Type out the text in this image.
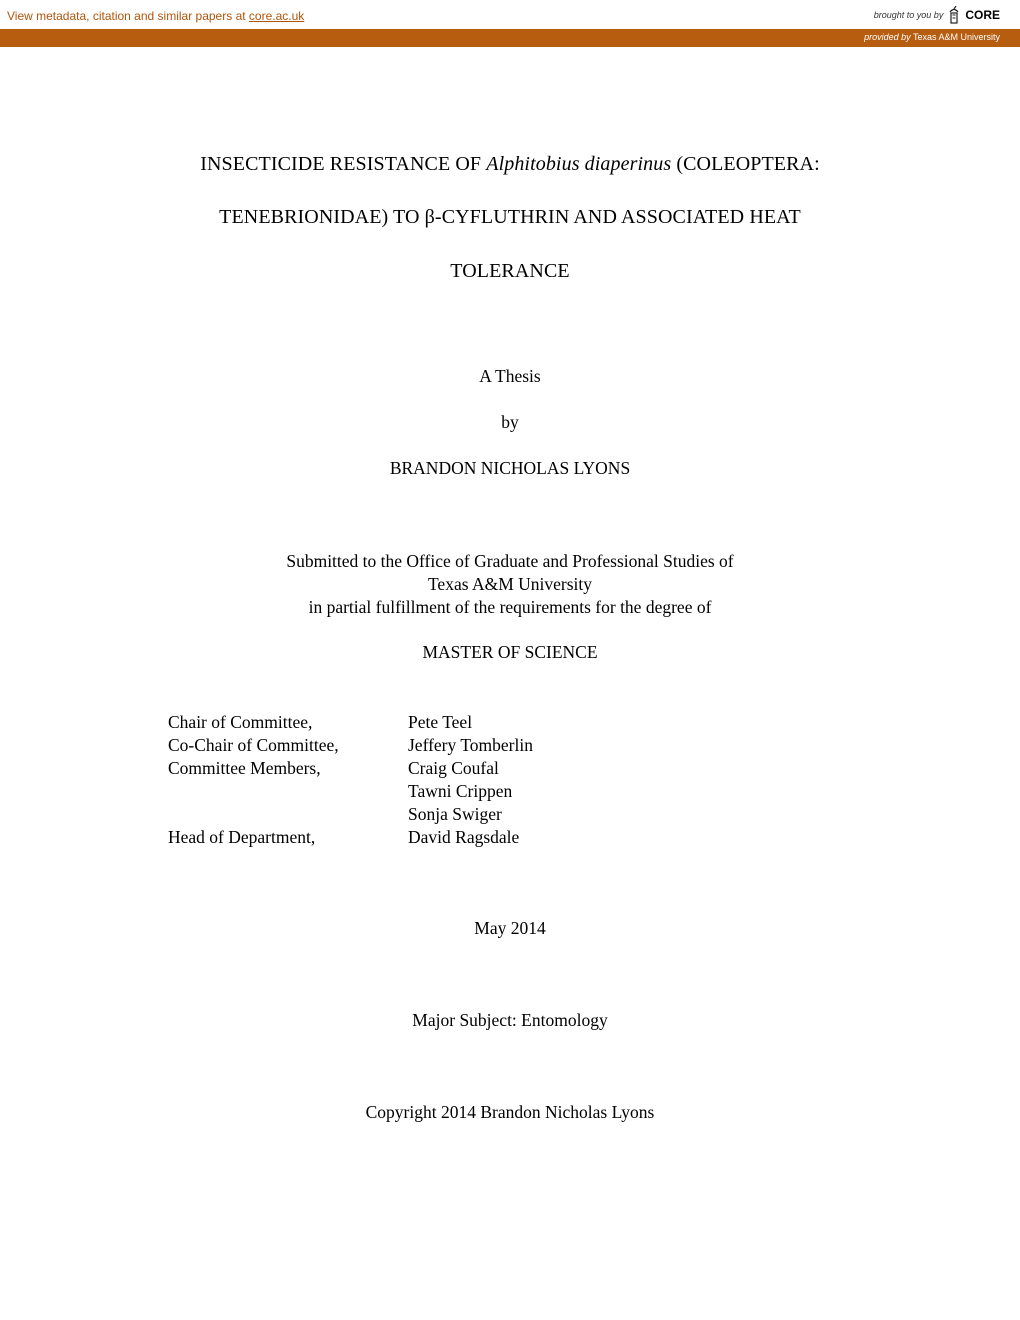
View metadata, citation and similar papers at core.ac.uk	brought to you by CORE
provided by Texas A&M University
INSECTICIDE RESISTANCE OF Alphitobius diaperinus (COLEOPTERA:
TENEBRIONIDAE) TO β-CYFLUTHRIN AND ASSOCIATED HEAT
TOLERANCE
A Thesis
by
BRANDON NICHOLAS LYONS
Submitted to the Office of Graduate and Professional Studies of
Texas A&M University
in partial fulfillment of the requirements for the degree of
MASTER OF SCIENCE
Chair of Committee,	Pete Teel
Co-Chair of Committee,	Jeffery Tomberlin
Committee Members,	Craig Coufal
Tawni Crippen
Sonja Swiger
Head of Department,	David Ragsdale
May 2014
Major Subject: Entomology
Copyright 2014 Brandon Nicholas Lyons
